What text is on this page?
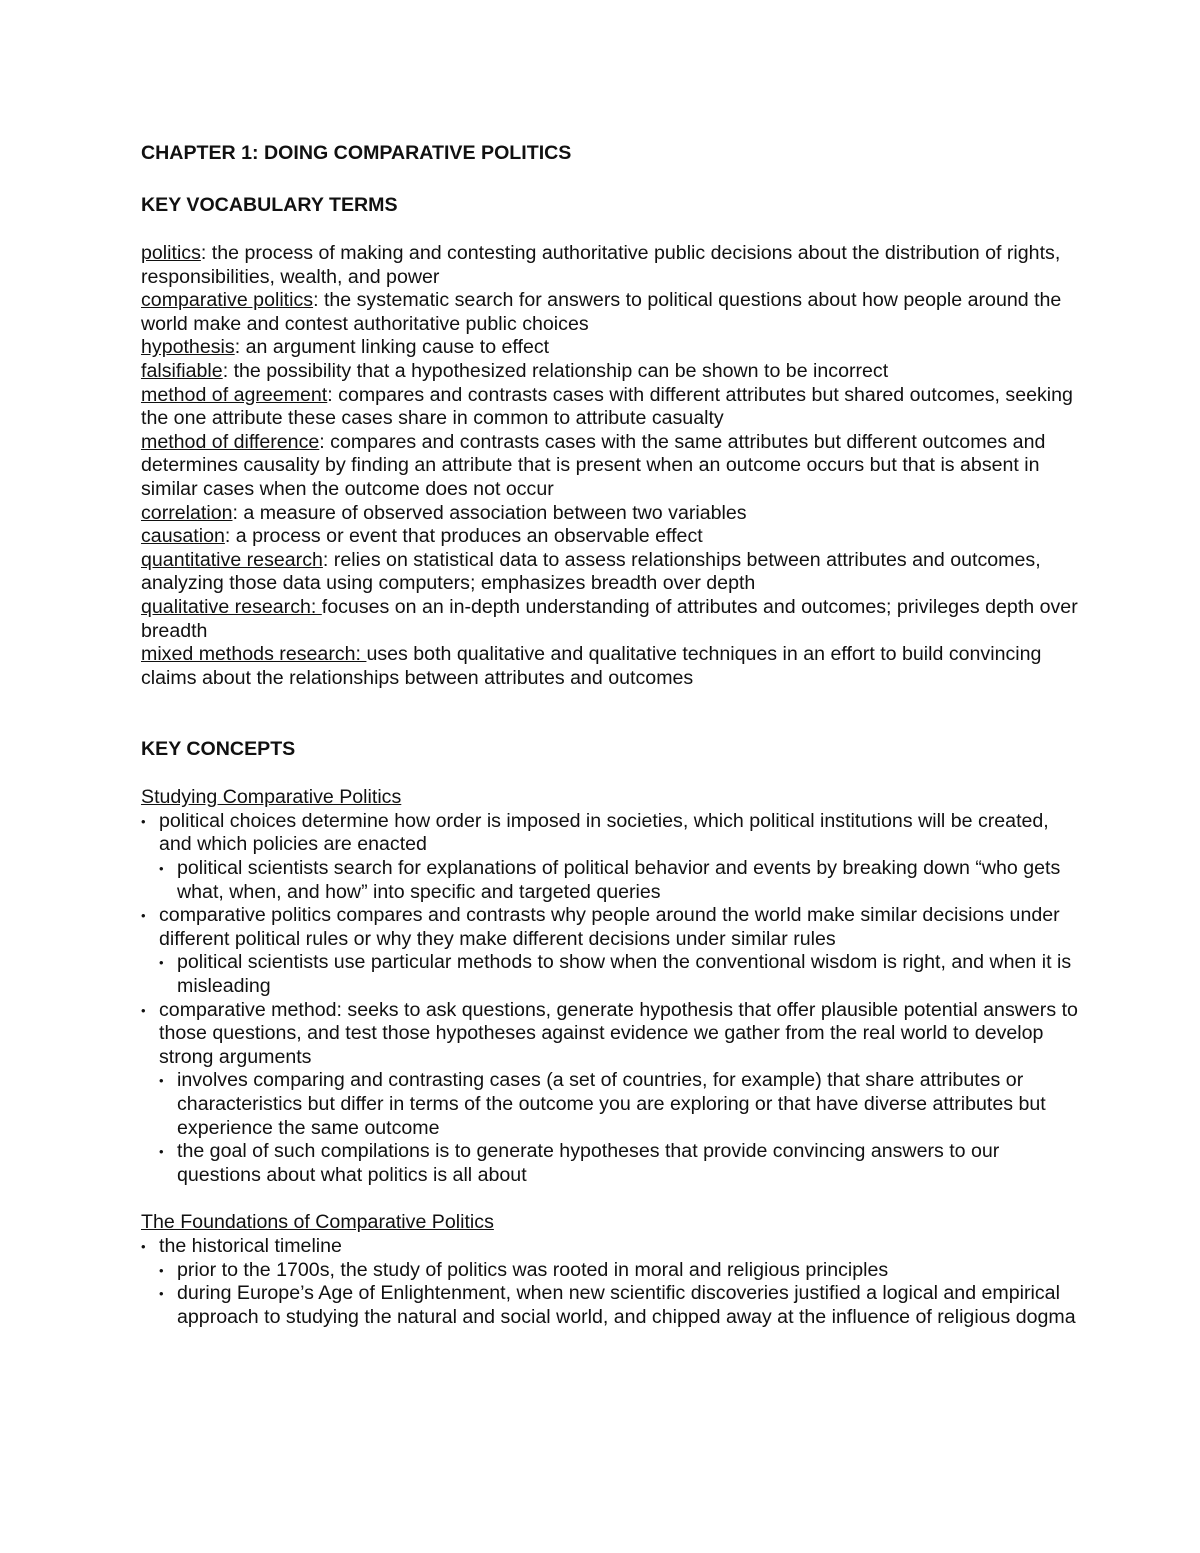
CHAPTER 1: DOING COMPARATIVE POLITICS

KEY VOCABULARY TERMS

politics: the process of making and contesting authoritative public decisions about the distribution of rights, responsibilities, wealth, and power
comparative politics: the systematic search for answers to political questions about how people around the world make and contest authoritative public choices
hypothesis: an argument linking cause to effect
falsifiable: the possibility that a hypothesized relationship can be shown to be incorrect
method of agreement: compares and contrasts cases with different attributes but shared outcomes, seeking the one attribute these cases share in common to attribute casualty
method of difference: compares and contrasts cases with the same attributes but different outcomes and determines causality by finding an attribute that is present when an outcome occurs but that is absent in similar cases when the outcome does not occur
correlation: a measure of observed association between two variables
causation: a process or event that produces an observable effect
quantitative research: relies on statistical data to assess relationships between attributes and outcomes, analyzing those data using computers; emphasizes breadth over depth
qualitative research: focuses on an in-depth understanding of attributes and outcomes; privileges depth over breadth
mixed methods research: uses both qualitative and qualitative techniques in an effort to build convincing claims about the relationships between attributes and outcomes

KEY CONCEPTS

Studying Comparative Politics

• political choices determine how order is imposed in societies, which political institutions will be created, and which policies are enacted
• political scientists search for explanations of political behavior and events by breaking down “who gets what, when, and how” into specific and targeted queries
• comparative politics compares and contrasts why people around the world make similar decisions under different political rules or why they make different decisions under similar rules
• political scientists use particular methods to show when the conventional wisdom is right, and when it is misleading
• comparative method: seeks to ask questions, generate hypothesis that offer plausible potential answers to those questions, and test those hypotheses against evidence we gather from the real world to develop strong arguments
• involves comparing and contrasting cases (a set of countries, for example) that share attributes or characteristics but differ in terms of the outcome you are exploring or that have diverse attributes but experience the same outcome
• the goal of such compilations is to generate hypotheses that provide convincing answers to our questions about what politics is all about

The Foundations of Comparative Politics

• the historical timeline
• prior to the 1700s, the study of politics was rooted in moral and religious principles
• during Europe’s Age of Enlightenment, when new scientific discoveries justified a logical and empirical approach to studying the natural and social world, and chipped away at the influence of religious dogma
